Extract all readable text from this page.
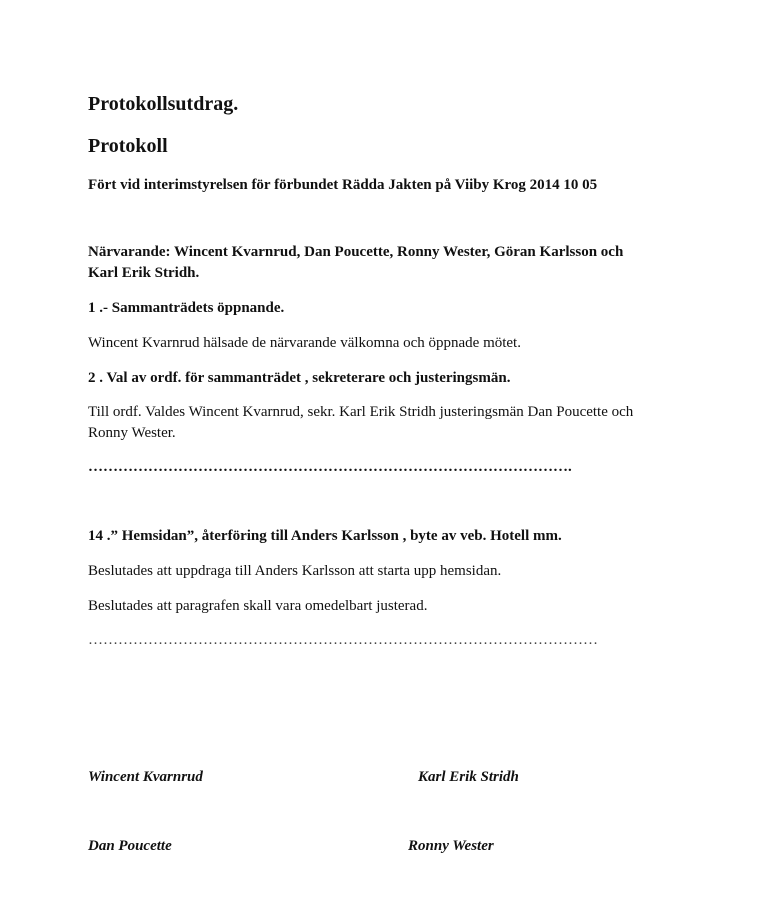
Protokollsutdrag.
Protokoll
Fört vid interimstyrelsen för förbundet Rädda Jakten på Viiby Krog 2014 10 05
Närvarande: Wincent Kvarnrud, Dan Poucette, Ronny Wester, Göran Karlsson och
Karl Erik Stridh.
1 .- Sammanträdets öppnande.
Wincent Kvarnrud hälsade de närvarande välkomna och öppnade mötet.
2 . Val av ordf. för sammanträdet , sekreterare och justeringsmän.
Till ordf. Valdes Wincent Kvarnrud, sekr. Karl Erik Stridh justeringsmän Dan Poucette och
Ronny Wester.
…………………………………………………………………………………….
14 .” Hemsidan”, återföring till Anders Karlsson , byte av veb. Hotell mm.
Beslutades att uppdraga till Anders Karlsson att starta upp hemsidan.
Beslutades att paragrafen skall vara omedelbart justerad.
…………………………………………………………………………………………
Wincent Kvarnrud	Karl Erik Stridh
Dan Poucette	Ronny Wester
